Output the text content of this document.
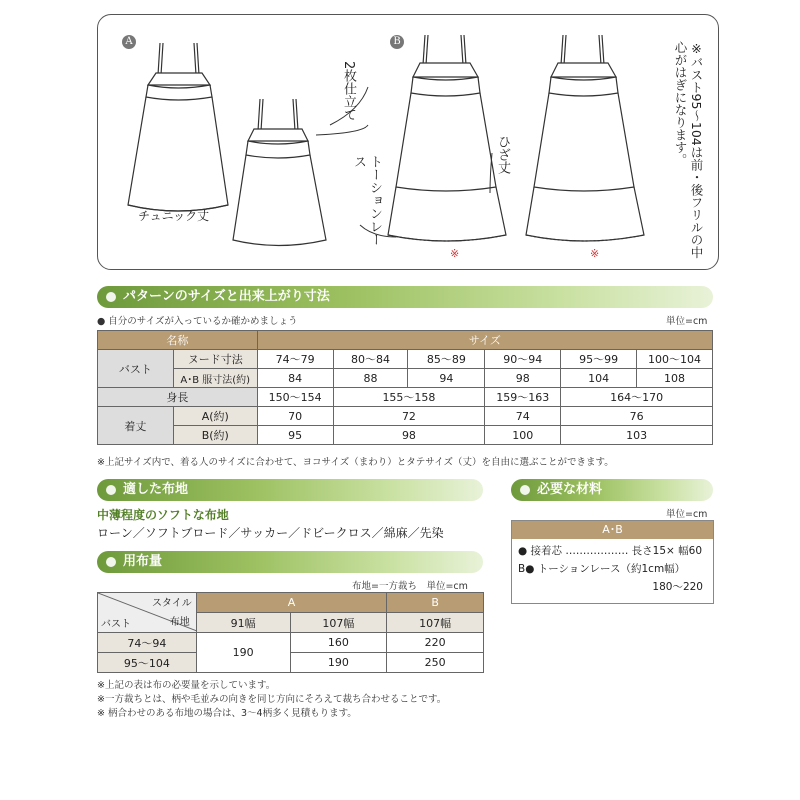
A	B
チュニック丈
2枚仕立て
トーションレース	ひざ丈
※	※	※バスト95〜104は前・後フリルの中心がはぎになります。
パターンのサイズと出来上がり寸法
● 自分のサイズが入っているか確かめましょう	単位=cm
名称		サイズ					
バスト	ヌード寸法	74〜79	80〜84	85〜89	90〜94	95〜99	100〜104
	A･B 服寸法(約)	84	88	94	98	104	108
身長		150〜154	155〜158		159〜163	164〜170	
着丈	A(約)	70	72		74	76	
	B(約)	95	98		100	103	
※上記サイズ内で、着る人のサイズに合わせて、ヨコサイズ（まわり）とタテサイズ（丈）を自由に選ぶことができます。
適した布地
中薄程度のソフトな布地
ローン／ソフトブロード／サッカー／ドビークロス／綿麻／先染
必要な材料
単位=cm
A･B
● 接着芯 ……………… 長さ15× 幅60
B● トーションレース（約1cm幅）
180〜220
用布量
布地=一方裁ち　単位=cm
スタイル
布地
バスト	A		B
	91幅	107幅	107幅
74〜94	190	160	220
95〜104		190	250
※上記の表は布の必要量を示しています。
※一方裁ちとは、柄や毛並みの向きを同じ方向にそろえて裁ち合わせることです。
※ 柄合わせのある布地の場合は、3〜4柄多く見積もります。
